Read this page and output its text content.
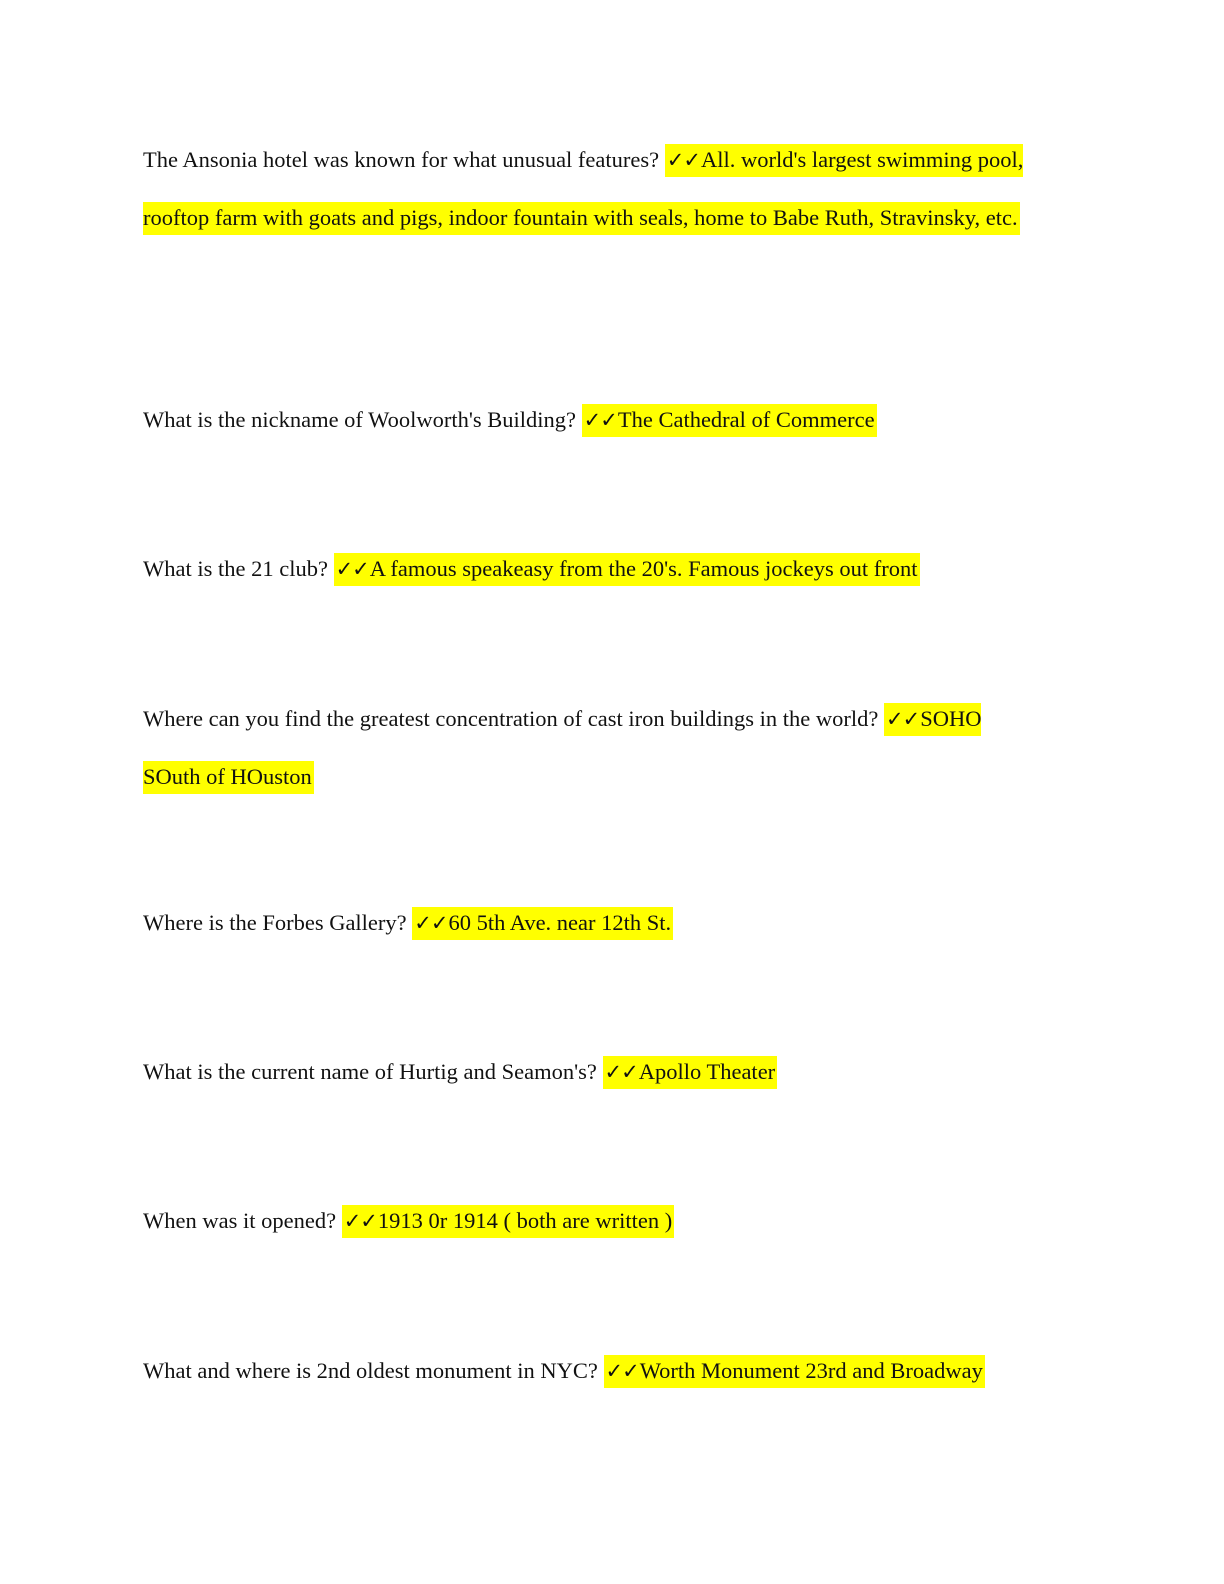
The Ansonia hotel was known for what unusual features? ✓✓All. world's largest swimming pool, rooftop farm with goats and pigs, indoor fountain with seals, home to Babe Ruth, Stravinsky, etc.

What is the nickname of Woolworth's Building? ✓✓The Cathedral of Commerce

What is the 21 club? ✓✓A famous speakeasy from the 20's. Famous jockeys out front

Where can you find the greatest concentration of cast iron buildings in the world? ✓✓SOHO SOuth of HOuston

Where is the Forbes Gallery? ✓✓60 5th Ave. near 12th St.

What is the current name of Hurtig and Seamon's? ✓✓Apollo Theater

When was it opened? ✓✓1913 0r 1914 ( both are written )

What and where is 2nd oldest monument in NYC? ✓✓Worth Monument 23rd and Broadway
